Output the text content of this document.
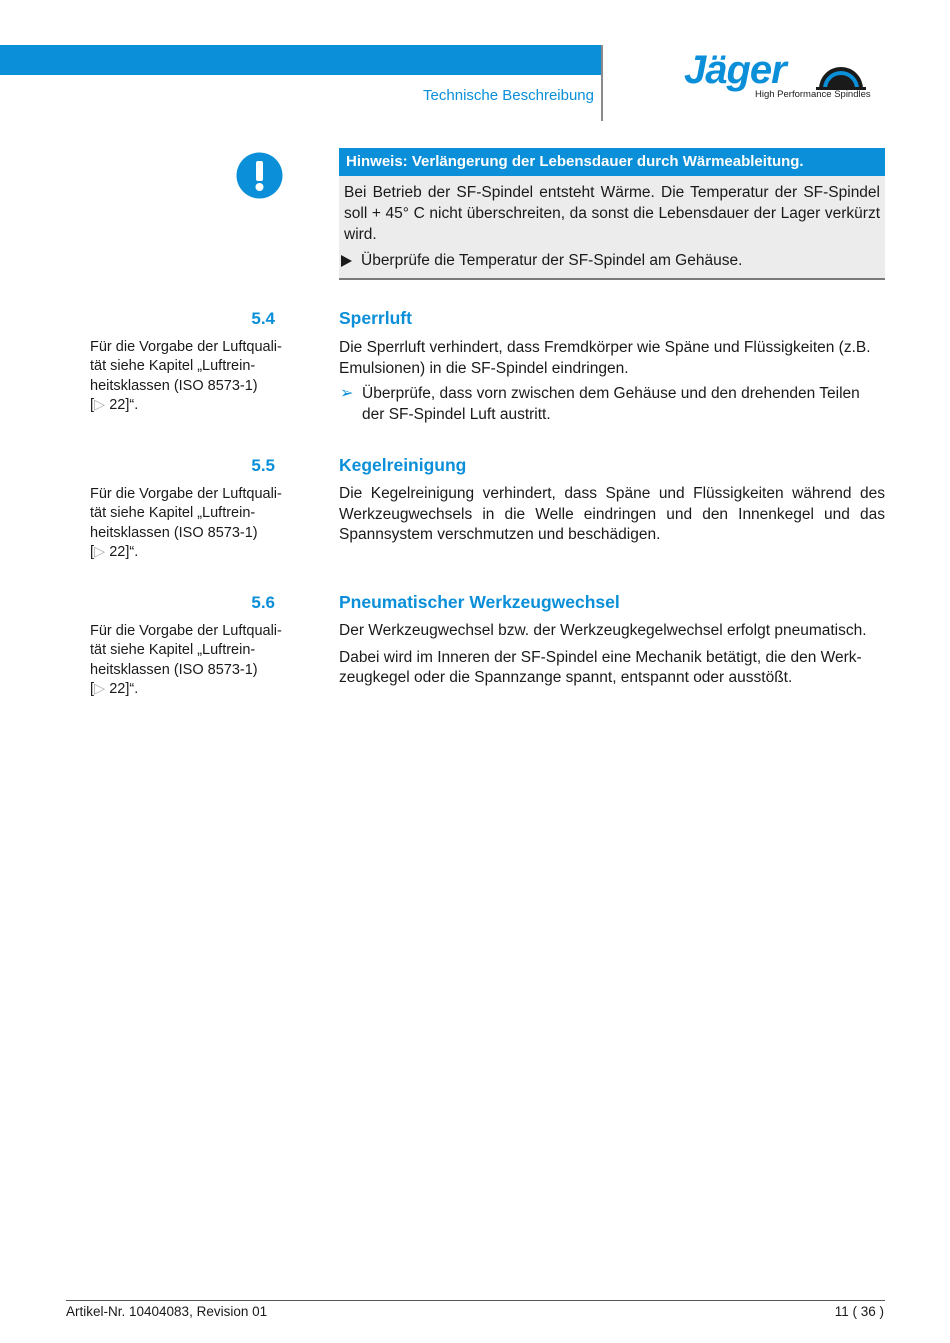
Technische Beschreibung
Jäger
High Performance Spindles
Hinweis: Verlängerung der Lebensdauer durch Wärmeableitung.
Bei Betrieb der SF-Spindel entsteht Wärme. Die Temperatur der SF-Spindel soll + 45° C nicht überschreiten, da sonst die Lebensdauer der Lager verkürzt wird.
Überprüfe die Temperatur der SF-Spindel am Gehäuse.
5.4	Sperrluft
Für die Vorgabe der Luftquali-
tät siehe Kapitel „Luftrein-
heitsklassen (ISO 8573-1)
[▷ 22]“.
Die Sperrluft verhindert, dass Fremdkörper wie Späne und Flüssigkeiten (z.B.
Emulsionen) in die SF-Spindel eindringen.
➢ Überprüfe, dass vorn zwischen dem Gehäuse und den drehenden Teilen
der SF-Spindel Luft austritt.
5.5	Kegelreinigung
Für die Vorgabe der Luftquali-
tät siehe Kapitel „Luftrein-
heitsklassen (ISO 8573-1)
[▷ 22]“.

Die Kegelreinigung verhindert, dass Späne und Flüssigkeiten während des Werkzeugwechsels in die Welle eindringen und den Innenkegel und das Spannsystem verschmutzen und beschädigen.

5.6	Pneumatischer Werkzeugwechsel
Für die Vorgabe der Luftquali-
tät siehe Kapitel „Luftrein-
heitsklassen (ISO 8573-1)
[▷ 22]“.

Der Werkzeugwechsel bzw. der Werkzeugkegelwechsel erfolgt pneumatisch.

Dabei wird im Inneren der SF-Spindel eine Mechanik betätigt, die den Werk-
zeugkegel oder die Spannzange spannt, entspannt oder ausstößt.

Artikel-Nr. 10404083, Revision 01	11 ( 36 )
